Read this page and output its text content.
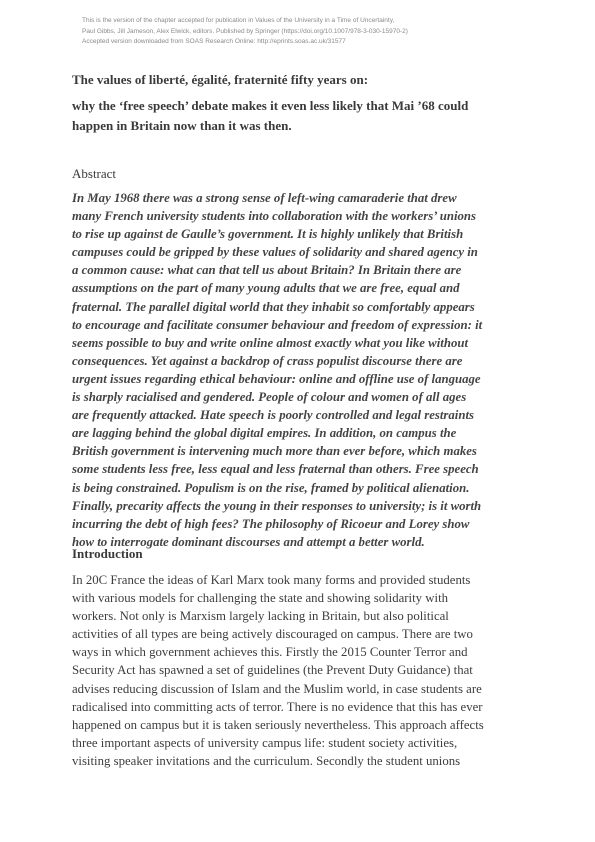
This is the version of the chapter accepted for publication in Values of the University in a Time of Uncertainty,
Paul Gibbs, Jill Jameson, Alex Elwick, editors. Published by Springer (https://doi.org/10.1007/978-3-030-15970-2)
Accepted version downloaded from SOAS Research Online: http://eprints.soas.ac.uk/31577
The values of liberté, égalité, fraternité fifty years on:
why the ‘free speech’ debate makes it even less likely that Mai ’68 could
happen in Britain now than it was then.
Abstract
In May 1968 there was a strong sense of left-wing camaraderie that drew
many French university students into collaboration with the workers’ unions
to rise up against de Gaulle’s government. It is highly unlikely that British
campuses could be gripped by these values of solidarity and shared agency in
a common cause: what can that tell us about Britain? In Britain there are
assumptions on the part of many young adults that we are free, equal and
fraternal. The parallel digital world that they inhabit so comfortably appears
to encourage and facilitate consumer behaviour and freedom of expression: it
seems possible to buy and write online almost exactly what you like without
consequences. Yet against a backdrop of crass populist discourse there are
urgent issues regarding ethical behaviour: online and offline use of language
is sharply racialised and gendered. People of colour and women of all ages
are frequently attacked. Hate speech is poorly controlled and legal restraints
are lagging behind the global digital empires. In addition, on campus the
British government is intervening much more than ever before, which makes
some students less free, less equal and less fraternal than others. Free speech
is being constrained. Populism is on the rise, framed by political alienation.
Finally, precarity affects the young in their responses to university; is it worth
incurring the debt of high fees? The philosophy of Ricoeur and Lorey show
how to interrogate dominant discourses and attempt a better world.
Introduction
In 20C France the ideas of Karl Marx took many forms and provided students
with various models for challenging the state and showing solidarity with
workers. Not only is Marxism largely lacking in Britain, but also political
activities of all types are being actively discouraged on campus. There are two
ways in which government achieves this. Firstly the 2015 Counter Terror and
Security Act has spawned a set of guidelines (the Prevent Duty Guidance) that
advises reducing discussion of Islam and the Muslim world, in case students are
radicalised into committing acts of terror. There is no evidence that this has ever
happened on campus but it is taken seriously nevertheless. This approach affects
three important aspects of university campus life: student society activities,
visiting speaker invitations and the curriculum. Secondly the student unions
